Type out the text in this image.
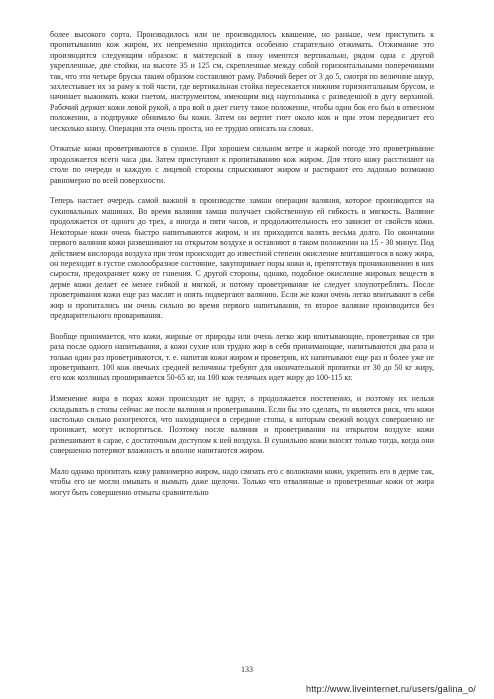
более высокого сорта. Производилось или не производилось квашение, но раньше, чем приступить к пропитыванию кож жиром, их непременно приходится особенно старательно отжимать. Отжимание это производится следующим образом: в мастерской в пону имеются вертикально, рядом одна с другой укрепленные, две стойки, на высоте 35 и 125 см, скрепленные между собой горизонтальными поперечинами так, что эти четыре бруска таким образом составляют раму. Рабочий берет от 3 до 5, смотря по величине шкур, захлестывает их за раму к той части, где вертикальная стойка пересекается нижним горизонтальным брусом, и начинает выжимать кожи гнетом, инструментом, имеющим вид наугольника с разведенной в дугу верхиной. Рабочий держит кожи левой рукой, а пра вой и дает гнету такое положение, чтобы один бок его был в отвесном положении, а подпружке обнимало бы кожи. Затем он вертит гнет около кож и при этом передвигает его несколько книзу. Операция эта очень проста, но ее трудно описать на словах.

Отжатые кожи проветриваются в сушиле. При хорошем сильном ветре и жаркой погоде это проветривание продолжается всего часа два. Затем приступают к пропитыванию кож жиром. Для этого кожу расстилают на столе по очереди и каждую с лицевой стороны спрыскивают жиром и растирают его ладонью возможно равномерно по всей поверхности.

Теперь настает очередь самой важной в производстве замши операции валяния, которое производится на сукновальных машинах. Во время валяния замша получает свойственную ей гибкость и мягкость. Валяние продолжается от одного до трех, а иногда и пяти часов, и продолжительность его зависит от свойств кожи. Некоторые кожи очень быстро напитываются жиром, и их приходится валять весьма долго. По окончании первого валяния кожи развешивают на открытом воздухе и оставляют в таком положении на 15 - 30 минут. Под действием кислорода воздуха при этом происходит до известной степени окисление впитавшегося в кожу жира, он переходит в густое смолообразное состояние, закупоривает поры кожи и, препятствуя проникновению в них сырости, предохраняет кожу от гниения. С другой стороны, однако, подобное окисление жировых веществ в дерме кожи делает ее менее гибкой и мягкой, и потому проветривание не следует злоупотреблять. После проветривания кожи еще раз маслят и опять подвергают валянию. Если же кожи очень легко впитывают в себя жир и пропитались им очень сильно во время первого напитывания, то второе валяние производится без предварительного проваривания.

Вообще принимается, что кожи, жирные от природы или очень легко жир впитывающие, проветривая ся три раза после одного напитывания, а кожи сухие или трудно жир в себя принимающие, напитываются два раза и только один раз проветриваются, т. е. напитав кожи жиром и проветрив, их напитывают еще раз и более уже не проветривают. 100 кож овечьих средней величины требуют для окончательной пропитки от 30 до 50 кг жиру, его кож козлиных проширивается 50-65 кг, на 100 кож телячьих идет жиру до 100-115 кг.

Изменение жира в порах кожи происходит не вдруг, а продолжается постепенно, и поэтому их нельзя складывать в стопы сейчас же после валяния и проветривания. Если бы это сделать, то является риск, что кожи настолько сильно разогреются, что находящиеся в середине стопы, к которым свежий воздух совершенно не проникает, могут испортиться. Поэтому после валяния и проветривания на открытом воздухе кожи развешивают в сарае, с достаточным доступом к ней воздуха. В сушильню кожи вносят только тогда, когда они совершенно потеряют влажность и вполне напитаются жиром.

Мало однако пропитать кожу равномерно жиром, надо связать его с волокнами кожи, укрепить его в дерме так, чтобы его не могли омывать и вымыть даже щелочи. Только что отвалянные и проветренные кожи от жира могут быть совершенно отмыты сравнительно

133
http://www.liveinternet.ru/users/galina_o/
